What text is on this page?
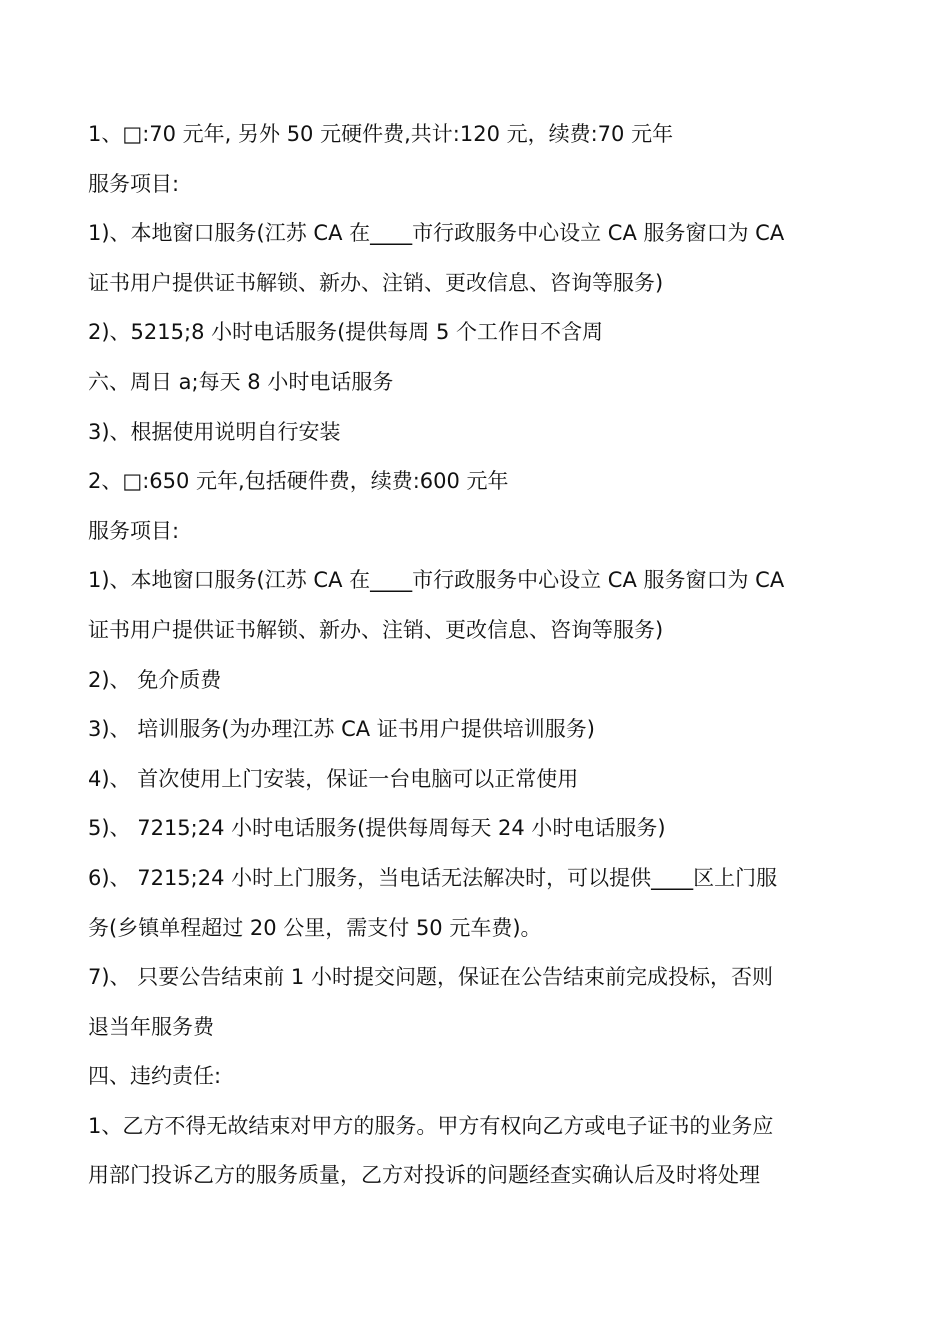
1、□:70 元年, 另外 50 元硬件费,共计:120 元，续费:70 元年
服务项目:
1)、本地窗口服务(江苏 CA 在____市行政服务中心设立 CA 服务窗口为 CA
证书用户提供证书解锁、新办、注销、更改信息、咨询等服务)
2)、5215;8 小时电话服务(提供每周 5 个工作日不含周
六、周日 a;每天 8 小时电话服务
3)、根据使用说明自行安装
2、□:650 元年,包括硬件费，续费:600 元年
服务项目:
1)、本地窗口服务(江苏 CA 在____市行政服务中心设立 CA 服务窗口为 CA
证书用户提供证书解锁、新办、注销、更改信息、咨询等服务)
2)、 免介质费
3)、 培训服务(为办理江苏 CA 证书用户提供培训服务)
4)、 首次使用上门安装，保证一台电脑可以正常使用
5)、 7215;24 小时电话服务(提供每周每天 24 小时电话服务)
6)、 7215;24 小时上门服务，当电话无法解决时，可以提供____区上门服
务(乡镇单程超过 20 公里，需支付 50 元车费)。
7)、 只要公告结束前 1 小时提交问题，保证在公告结束前完成投标，否则
退当年服务费
四、违约责任:
1、乙方不得无故结束对甲方的服务。甲方有权向乙方或电子证书的业务应
用部门投诉乙方的服务质量，乙方对投诉的问题经查实确认后及时将处理
